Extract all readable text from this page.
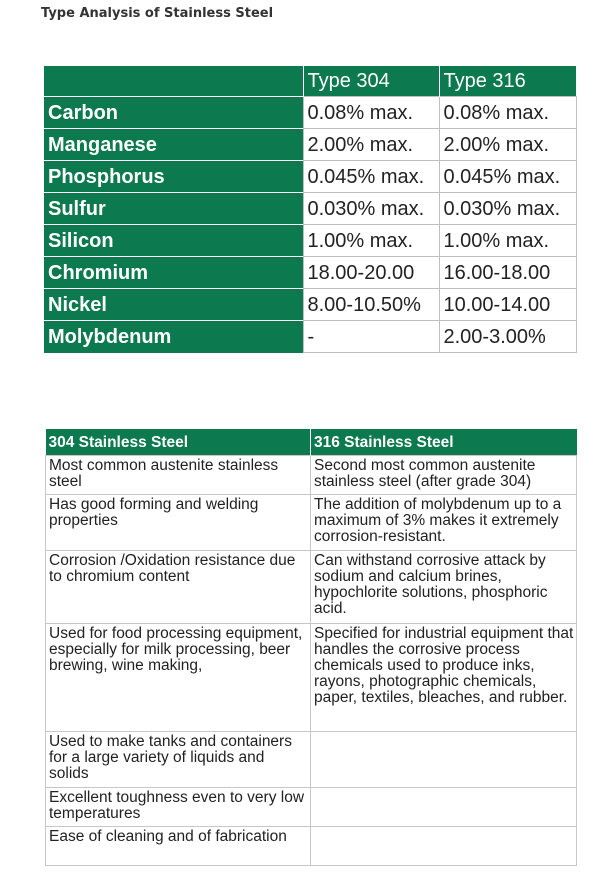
Type Analysis of Stainless Steel
	Type 304	Type 316
Carbon	0.08% max.	0.08% max.
Manganese	2.00% max.	2.00% max.
Phosphorus	0.045% max.	0.045% max.
Sulfur	0.030% max.	0.030% max.
Silicon	1.00% max.	1.00% max.
Chromium	18.00-20.00	16.00-18.00
Nickel	8.00-10.50%	10.00-14.00
Molybdenum	-	2.00-3.00%
304 Stainless Steel	316 Stainless Steel
Most common austenite stainless steel	Second most common austenite stainless steel (after grade 304)
Has good forming and welding properties	The addition of molybdenum up to a maximum of 3% makes it extremely corrosion-resistant.
Corrosion /Oxidation resistance due to chromium content	Can withstand corrosive attack by sodium and calcium brines, hypochlorite solutions, phosphoric acid.
Used for food processing equipment, especially for milk processing, beer brewing, wine making,	Specified for industrial equipment that handles the corrosive process chemicals used to produce inks, rayons, photographic chemicals, paper, textiles, bleaches, and rubber.
Used to make tanks and containers for a large variety of liquids and solids	
Excellent toughness even to very low temperatures	
Ease of cleaning and of fabrication	
